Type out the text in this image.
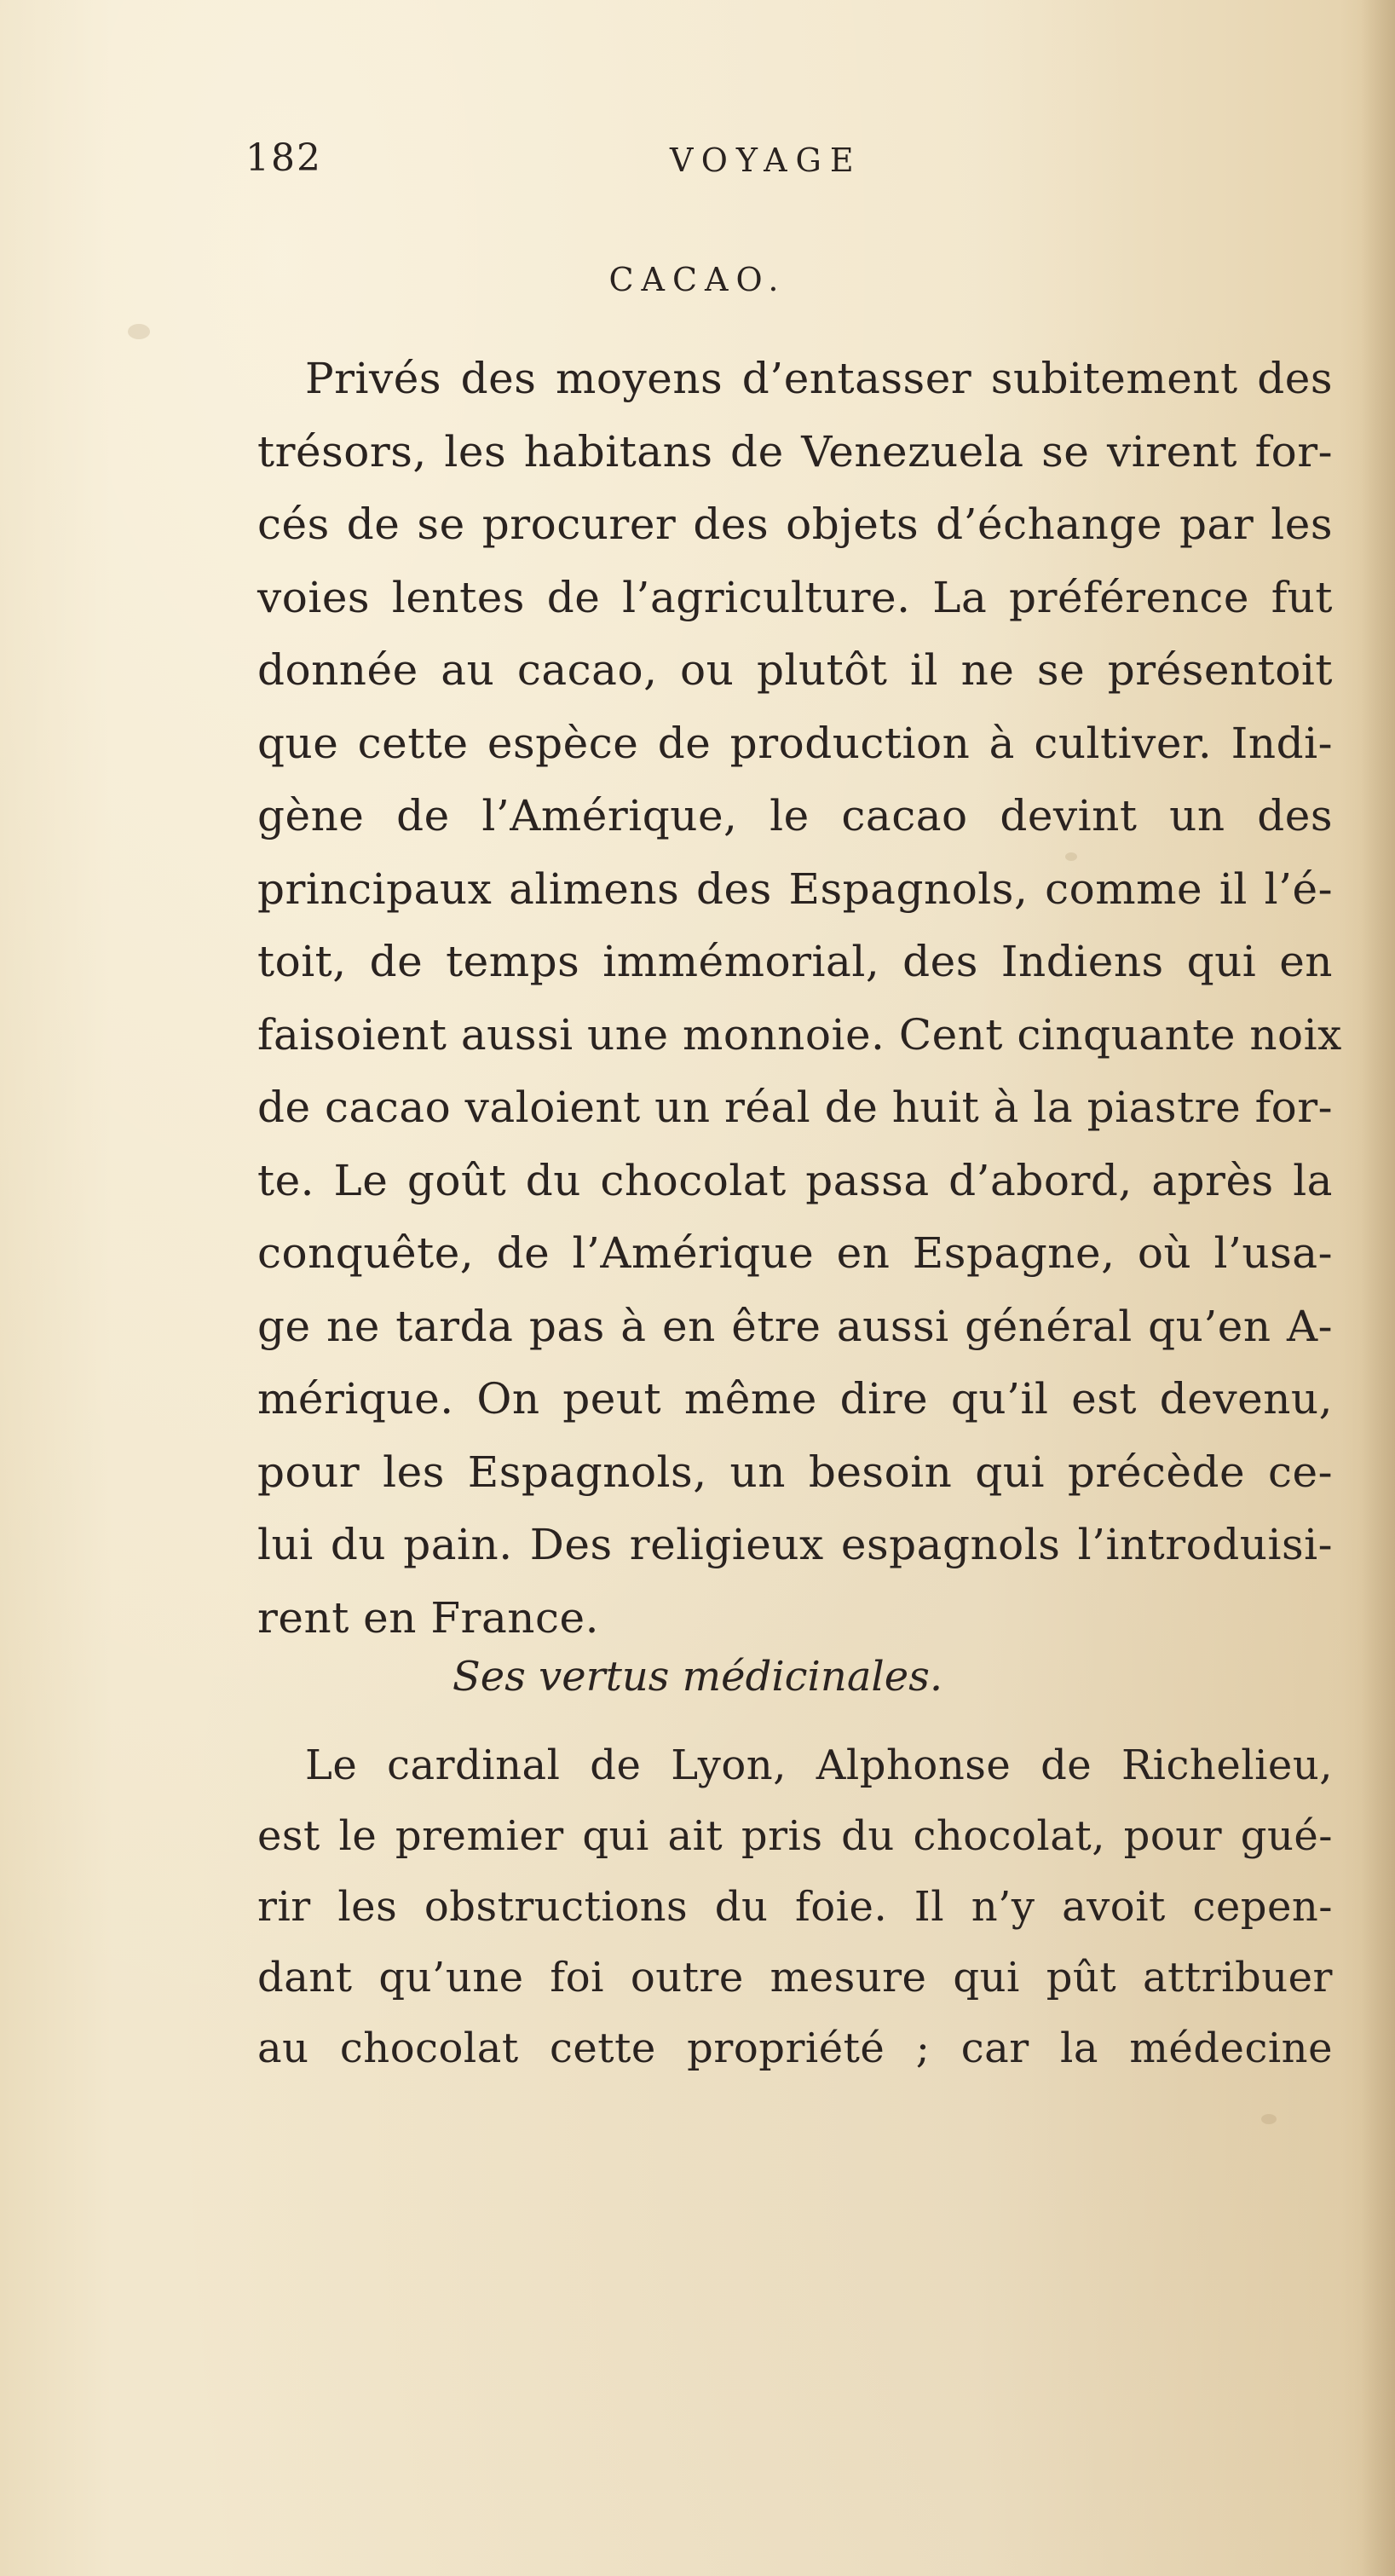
182	VOYAGE
CACAO.
Privés des moyens d’entasser subitement des
trésors, les habitans de Venezuela se virent for-
cés de se procurer des objets d’échange par les
voies lentes de l’agriculture. La préférence fut
donnée au cacao, ou plutôt il ne se présentoit
que cette espèce de production à cultiver. Indi-
gène de l’Amérique, le cacao devint un des
principaux alimens des Espagnols, comme il l’é-
toit, de temps immémorial, des Indiens qui en
faisoient aussi une monnoie. Cent cinquante noix
de cacao valoient un réal de huit à la piastre for-
te. Le goût du chocolat passa d’abord, après la
conquête, de l’Amérique en Espagne, où l’usa-
ge ne tarda pas à en être aussi général qu’en A-
mérique. On peut même dire qu’il est devenu,
pour les Espagnols, un besoin qui précède ce-
lui du pain. Des religieux espagnols l’introduisi-
rent en France.
Ses vertus médicinales.
Le cardinal de Lyon, Alphonse de Richelieu,
est le premier qui ait pris du chocolat, pour gué-
rir les obstructions du foie. Il n’y avoit cepen-
dant qu’une foi outre mesure qui pût attribuer
au chocolat cette propriété ; car la médecine
